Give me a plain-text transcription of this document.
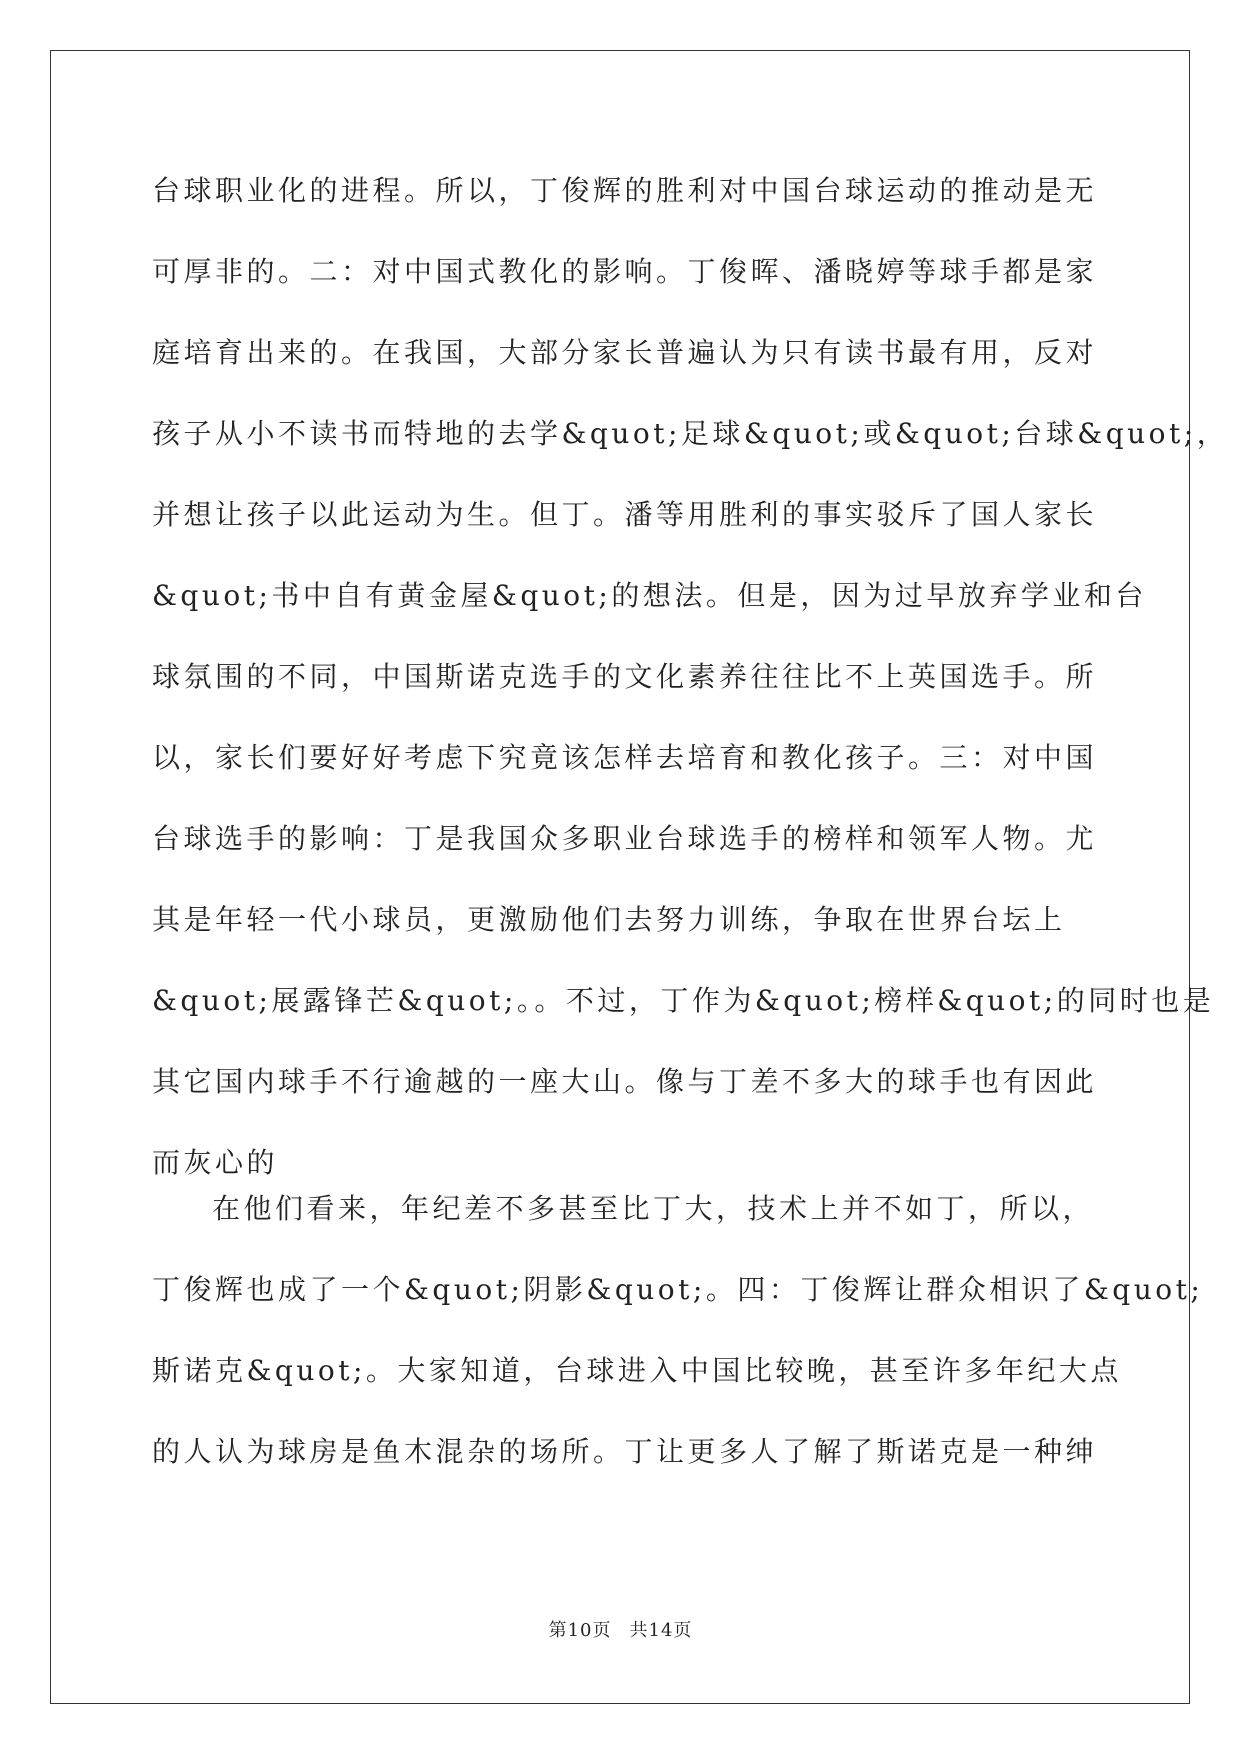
台球职业化的进程。所以，丁俊辉的胜利对中国台球运动的推动是无
可厚非的。二：对中国式教化的影响。丁俊晖、潘晓婷等球手都是家
庭培育出来的。在我国，大部分家长普遍认为只有读书最有用，反对
孩子从小不读书而特地的去学&quot;足球&quot;或&quot;台球&quot;，
并想让孩子以此运动为生。但丁。潘等用胜利的事实驳斥了国人家长
&quot;书中自有黄金屋&quot;的想法。但是，因为过早放弃学业和台
球氛围的不同，中国斯诺克选手的文化素养往往比不上英国选手。所
以，家长们要好好考虑下究竟该怎样去培育和教化孩子。三：对中国
台球选手的影响：丁是我国众多职业台球选手的榜样和领军人物。尤
其是年轻一代小球员，更激励他们去努力训练，争取在世界台坛上
&quot;展露锋芒&quot;。。不过，丁作为&quot;榜样&quot;的同时也是
其它国内球手不行逾越的一座大山。像与丁差不多大的球手也有因此
而灰心的
在他们看来，年纪差不多甚至比丁大，技术上并不如丁，所以，
丁俊辉也成了一个&quot;阴影&quot;。四：丁俊辉让群众相识了&quot;
斯诺克&quot;。大家知道，台球进入中国比较晚，甚至许多年纪大点
的人认为球房是鱼木混杂的场所。丁让更多人了解了斯诺克是一种绅
第10页 共14页
